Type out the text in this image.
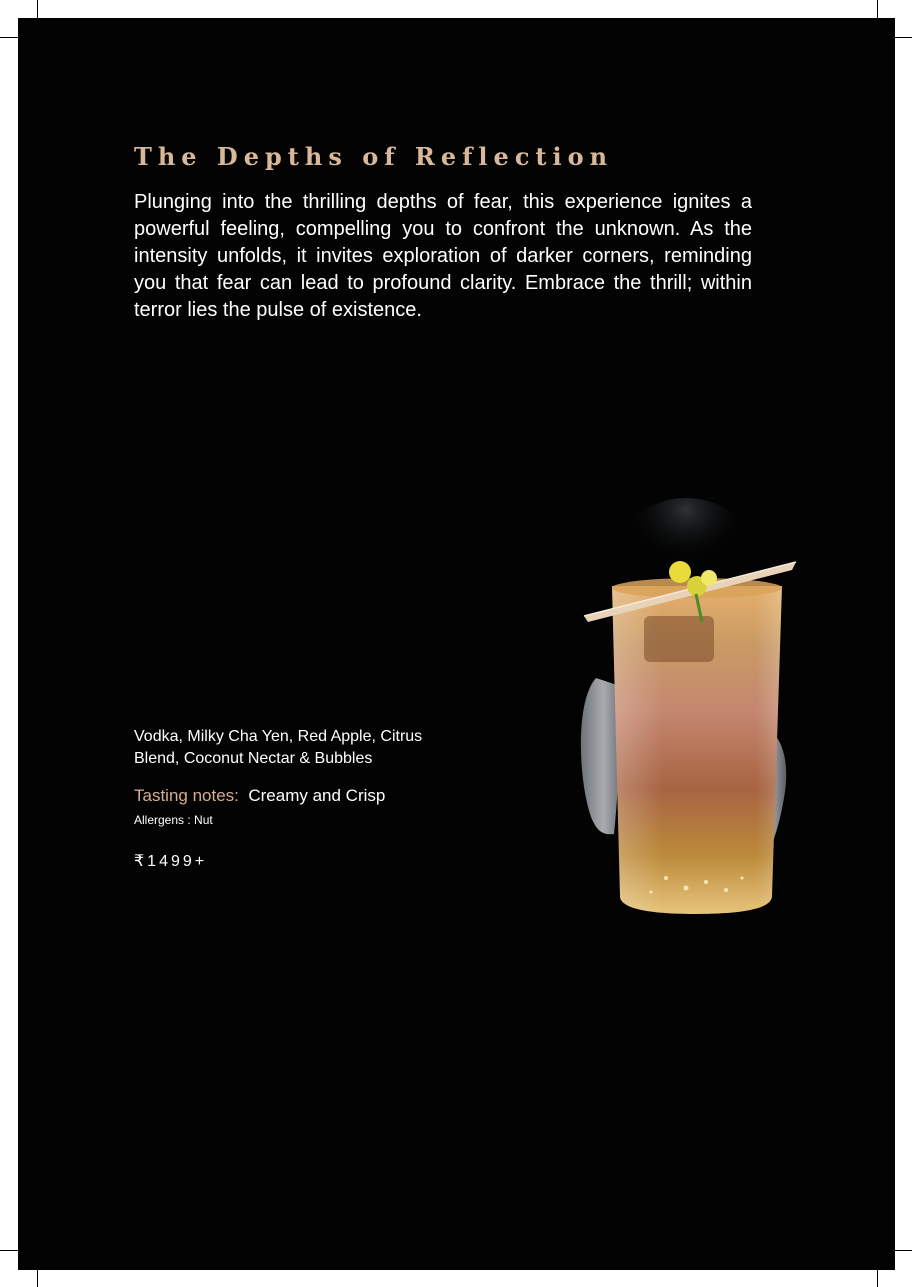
The Depths of Reflection

Plunging into the thrilling depths of fear, this experience ignites a powerful feeling, compelling you to confront the unknown. As the intensity unfolds, it invites exploration of darker corners, reminding you that fear can lead to profound clarity. Embrace the thrill; within terror lies the pulse of existence.

Vodka, Milky Cha Yen, Red Apple, Citrus
Blend, Coconut Nectar & Bubbles

Tasting notes: Creamy and Crisp

Allergens : Nut

₹1499+
